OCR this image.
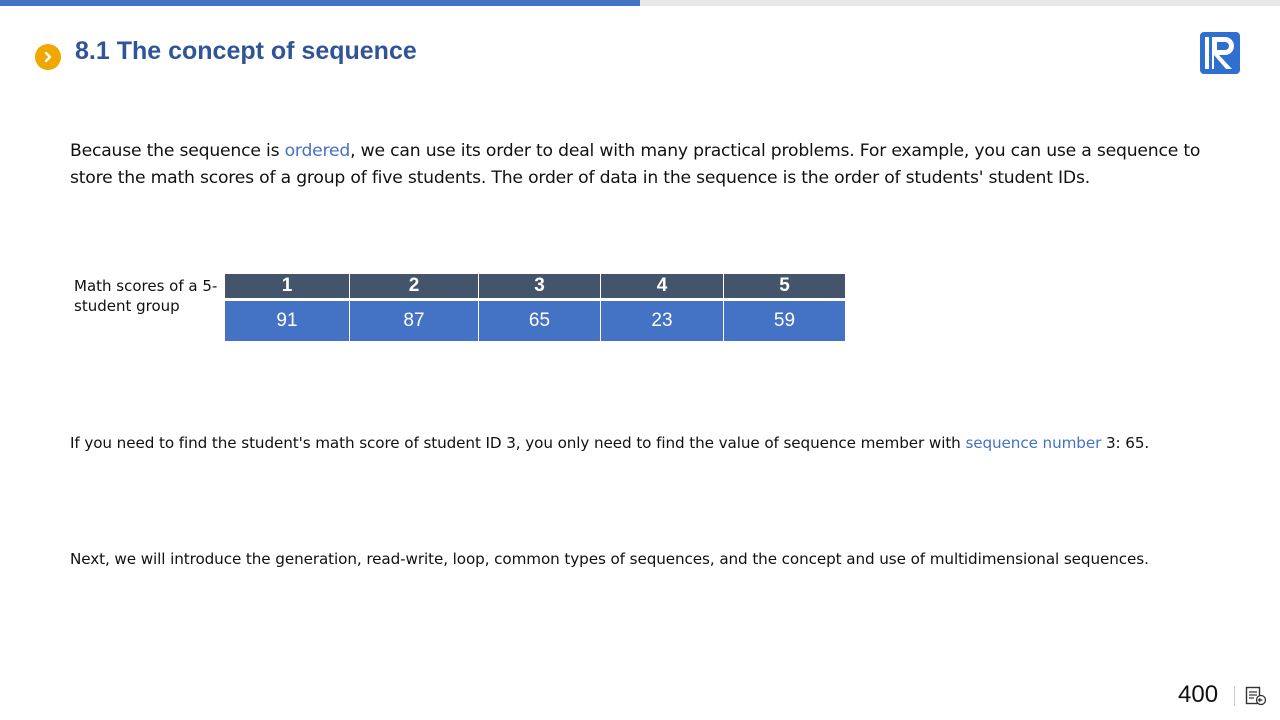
8.1 The concept of sequence

Because the sequence is ordered, we can use its order to deal with many practical problems. For example, you can use a sequence to store the math scores of a group of five students. The order of data in the sequence is the order of students' student IDs.

Math scores of a 5-student group

1	2	3	4	5
91	87	65	23	59

If you need to find the student's math score of student ID 3, you only need to find the value of sequence member with sequence number 3: 65.

Next, we will introduce the generation, read-write, loop, common types of sequences, and the concept and use of multidimensional sequences.

400
